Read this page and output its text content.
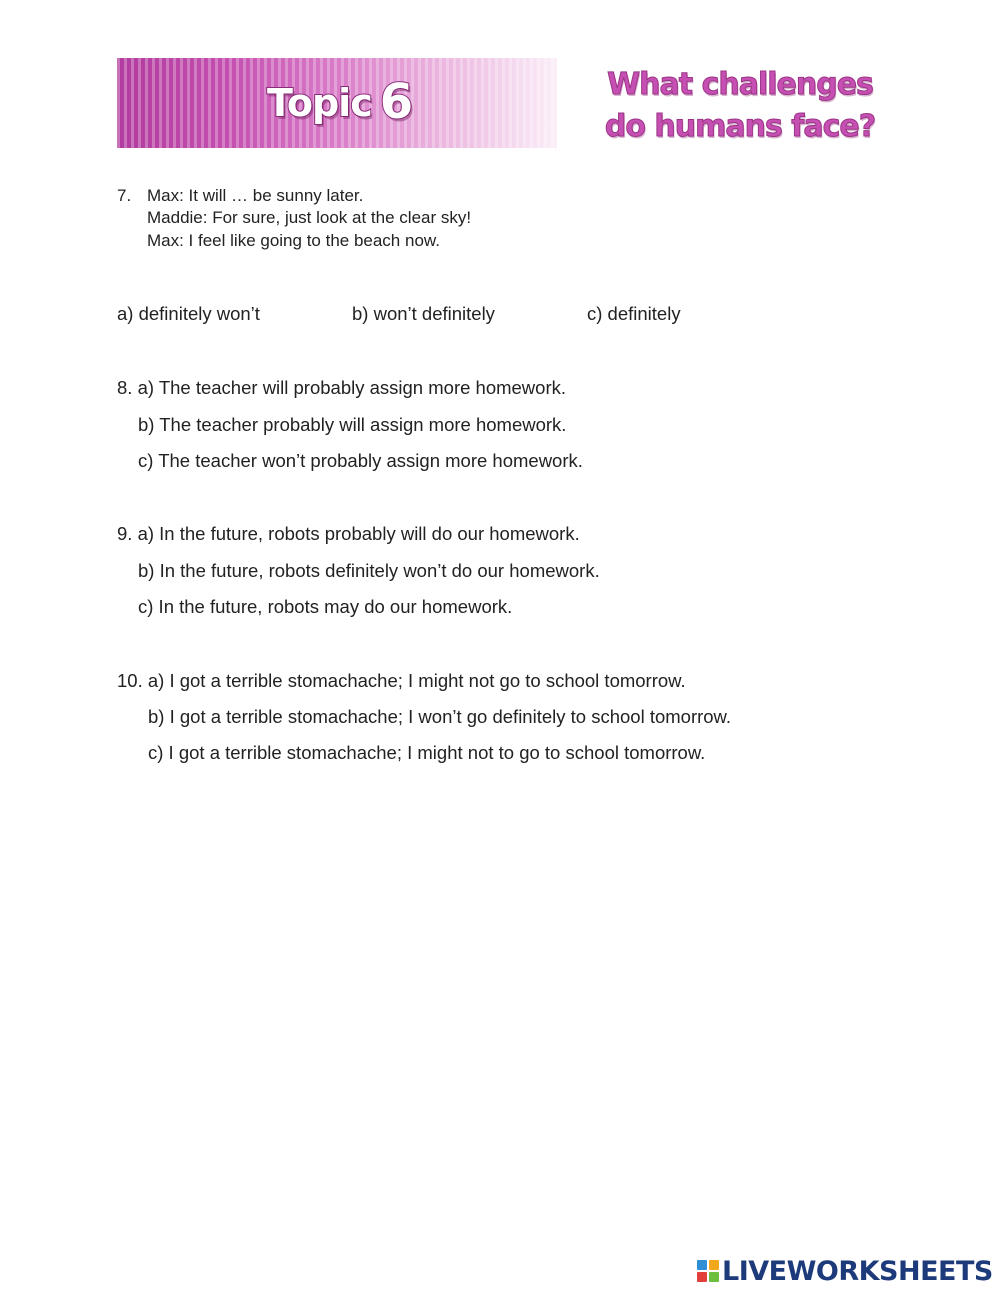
Topic 6	What challenges
do humans face?
7. Max: It will … be sunny later.
Maddie: For sure, just look at the clear sky!
Max: I feel like going to the beach now.
a) definitely won’t	b) won’t definitely	c) definitely
8. a) The teacher will probably assign more homework.
b) The teacher probably will assign more homework.
c) The teacher won’t probably assign more homework.
9. a) In the future, robots probably will do our homework.
b) In the future, robots definitely won’t do our homework.
c) In the future, robots may do our homework.
10. a) I got a terrible stomachache; I might not go to school tomorrow.
b) I got a terrible stomachache; I won’t go definitely to school tomorrow.
c) I got a terrible stomachache; I might not to go to school tomorrow.
LIVEWORKSHEETS
